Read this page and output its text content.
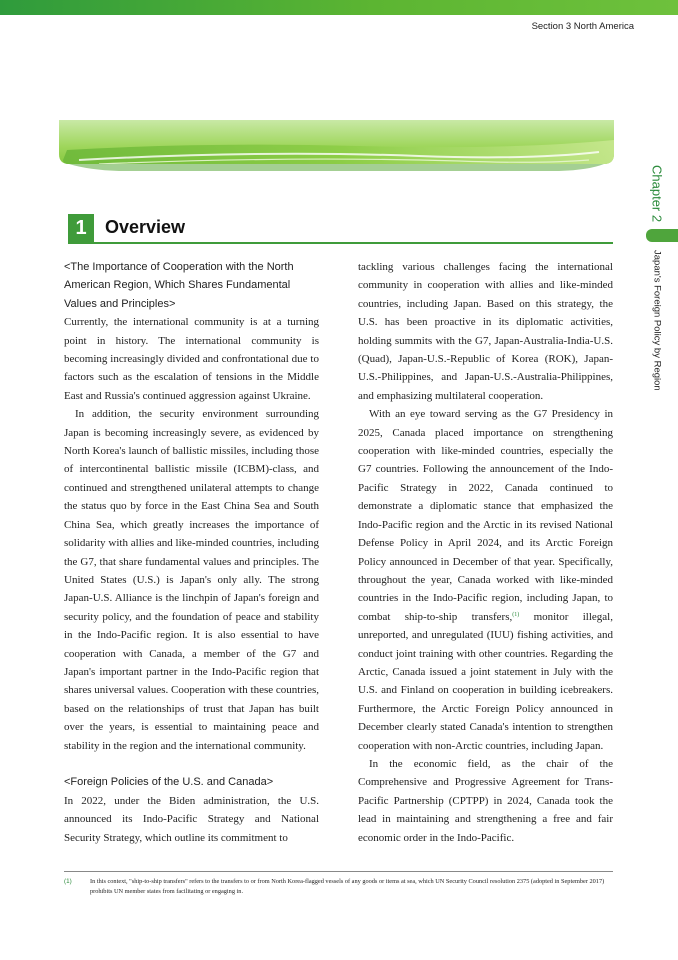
Section 3 North America
Chapter 2
Japan's Foreign Policy by Region
1	Overview

<The Importance of Cooperation with the North American Region, Which Shares Fundamental Values and Principles>

Currently, the international community is at a turning point in history. The international community is becoming increasingly divided and confrontational due to factors such as the escalation of tensions in the Middle East and Russia's continued aggression against Ukraine.

In addition, the security environment surrounding Japan is becoming increasingly severe, as evidenced by North Korea's launch of ballistic missiles, including those of intercontinental ballistic missile (ICBM)-class, and continued and strengthened unilateral attempts to change the status quo by force in the East China Sea and South China Sea, which greatly increases the importance of solidarity with allies and like-minded countries, including the G7, that share fundamental values and principles. The United States (U.S.) is Japan's only ally. The strong Japan-U.S. Alliance is the linchpin of Japan's foreign and security policy, and the foundation of peace and stability in the Indo-Pacific region. It is also essential to have cooperation with Canada, a member of the G7 and Japan's important partner in the Indo-Pacific region that shares universal values. Cooperation with these countries, based on the relationships of trust that Japan has built over the years, is essential to maintaining peace and stability in the region and the international community.

<Foreign Policies of the U.S. and Canada>

In 2022, under the Biden administration, the U.S. announced its Indo-Pacific Strategy and National Security Strategy, which outline its commitment to

tackling various challenges facing the international community in cooperation with allies and like-minded countries, including Japan. Based on this strategy, the U.S. has been proactive in its diplomatic activities, holding summits with the G7, Japan-Australia-India-U.S. (Quad), Japan-U.S.-Republic of Korea (ROK), Japan-U.S.-Philippines, and Japan-U.S.-Australia-Philippines, and emphasizing multilateral cooperation.

With an eye toward serving as the G7 Presidency in 2025, Canada placed importance on strengthening cooperation with like-minded countries, especially the G7 countries. Following the announcement of the Indo-Pacific Strategy in 2022, Canada continued to demonstrate a diplomatic stance that emphasized the Indo-Pacific region and the Arctic in its revised National Defense Policy in April 2024, and its Arctic Foreign Policy announced in December of that year. Specifically, throughout the year, Canada worked with like-minded countries in the Indo-Pacific region, including Japan, to combat ship-to-ship transfers,$^{(1)}$ monitor illegal, unreported, and unregulated (IUU) fishing activities, and conduct joint training with other countries. Regarding the Arctic, Canada issued a joint statement in July with the U.S. and Finland on cooperation in building icebreakers. Furthermore, the Arctic Foreign Policy announced in December clearly stated Canada's intention to strengthen cooperation with non-Arctic countries, including Japan.

In the economic field, as the chair of the Comprehensive and Progressive Agreement for Trans-Pacific Partnership (CPTPP) in 2024, Canada took the lead in maintaining and strengthening a free and fair economic order in the Indo-Pacific.

(1)	In this context, "ship-to-ship transfers" refers to the transfers to or from North Korea-flagged vessels of any goods or items at sea, which UN Security Council resolution 2375 (adopted in September 2017) prohibits UN member states from facilitating or engaging in.
